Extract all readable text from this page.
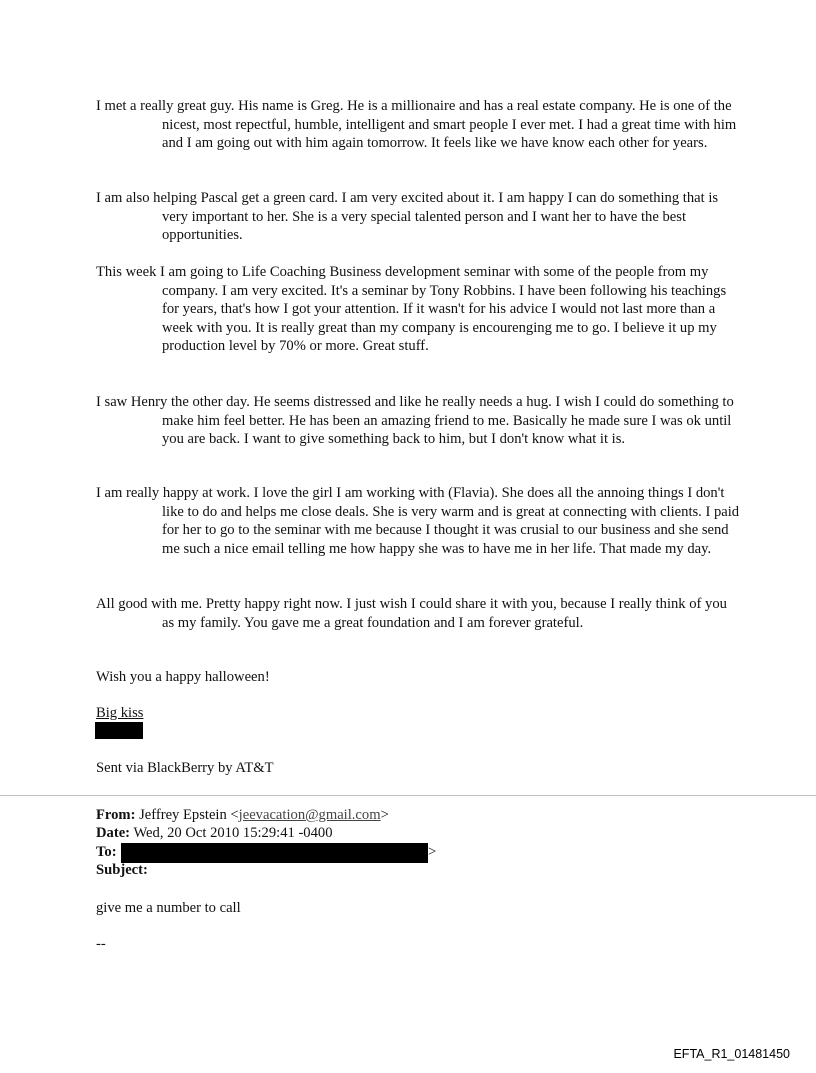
I met a really great guy. His name is Greg. He is a millionaire and has a real estate company. He is one of the nicest, most repectful, humble, intelligent and smart people I ever met. I had a great time with him and I am going out with him again tomorrow. It feels like we have know each other for years.

I am also helping Pascal get a green card. I am very excited about it. I am happy I can do something that is very important to her. She is a very special talented person and I want her to have the best opportunities.

This week I am going to Life Coaching Business development seminar with some of the people from my company. I am very excited. It's a seminar by Tony Robbins. I have been following his teachings for years, that's how I got your attention. If it wasn't for his advice I would not last more than a week with you. It is really great than my company is encourenging me to go. I believe it up my production level by 70% or more. Great stuff.

I saw Henry the other day. He seems distressed and like he really needs a hug. I wish I could do something to make him feel better. He has been an amazing friend to me. Basically he made sure I was ok until you are back. I want to give something back to him, but I don't know what it is.

I am really happy at work. I love the girl I am working with (Flavia). She does all the annoing things I don't like to do and helps me close deals. She is very warm and is great at connecting with clients. I paid for her to go to the seminar with me because I thought it was crusial to our business and she send me such a nice email telling me how happy she was to have me in her life. That made my day.

All good with me. Pretty happy right now. I just wish I could share it with you, because I really think of you as my family. You gave me a great foundation and I am forever grateful.

Wish you a happy halloween!

Big kiss

Sent via BlackBerry by AT&T

From: Jeffrey Epstein <jeevacation@gmail.com>

Date: Wed, 20 Oct 2010 15:29:41 -0400

To:	>

Subject:

give me a number to call

--

EFTA_R1_01481450
